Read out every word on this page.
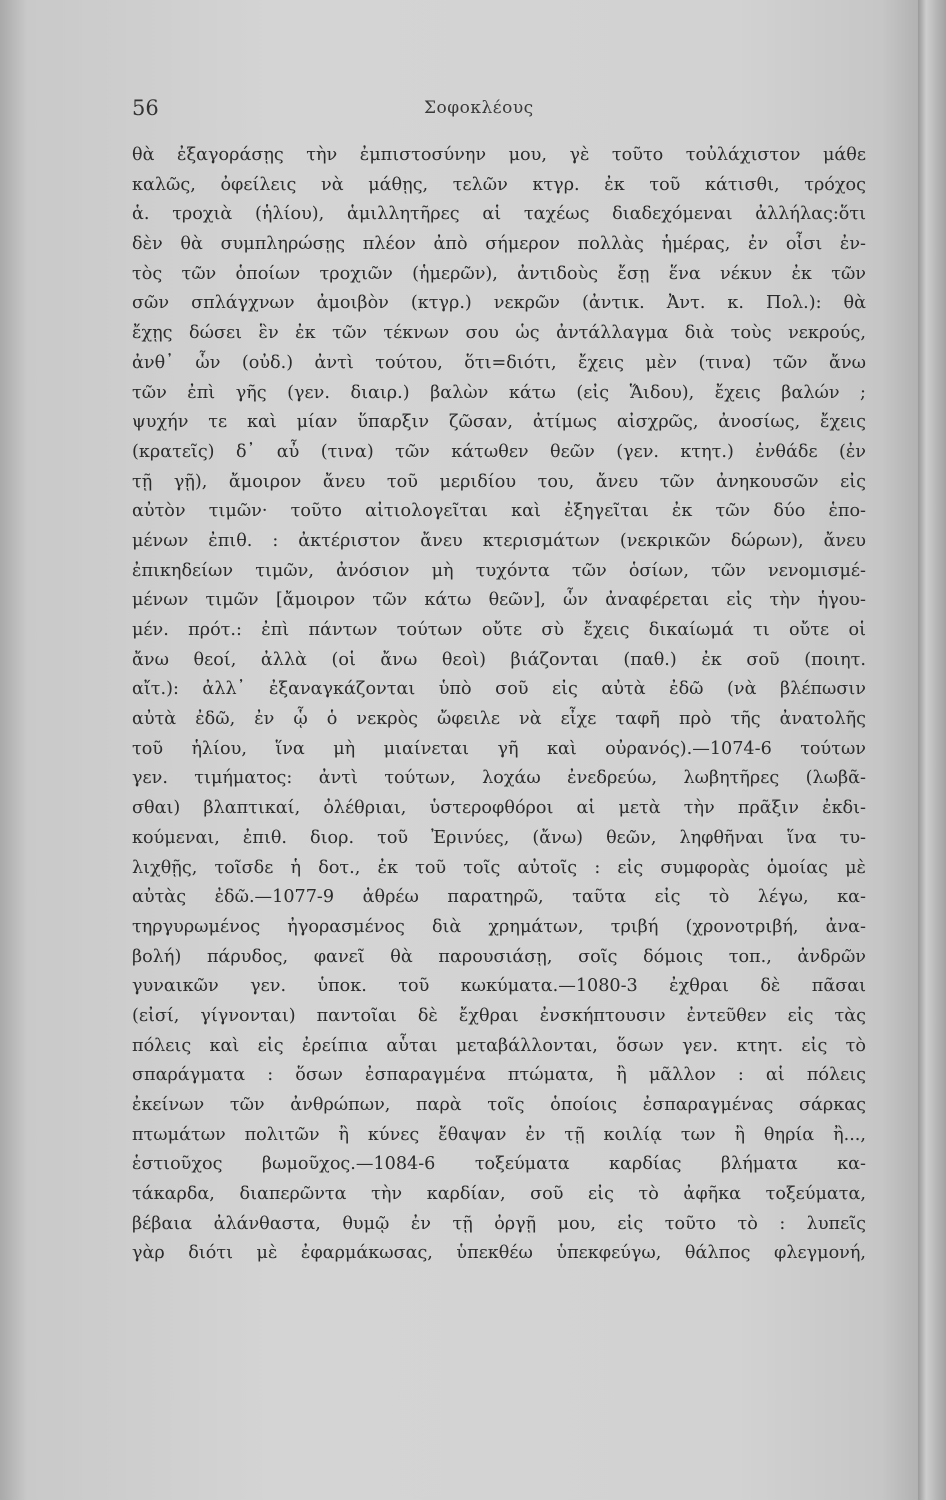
56	Σοφοκλέους
θὰ ἐξαγοράσῃς τὴν ἐμπιστοσύνην μου, γὲ τοῦτο τοὐλάχιστον μάθε
καλῶς, ὀφείλεις νὰ μάθῃς, τελῶν κτγρ. ἐκ τοῦ κάτισθι, τρόχος
ἁ. τροχιὰ (ἡλίου), ἁμιλλητῆρες αἱ ταχέως διαδεχόμεναι ἀλλήλας:ὅτι
δὲν θὰ συμπληρώσῃς πλέον ἀπὸ σήμερον πολλὰς ἡμέρας, ἐν οἷσι ἐν-
τὸς τῶν ὁποίων τροχιῶν (ἡμερῶν), ἀντιδοὺς ἔσῃ ἕνα νέκυν ἐκ τῶν
σῶν σπλάγχνων ἀμοιβὸν (κτγρ.) νεκρῶν (ἀντικ. Ἀντ. κ. Πολ.): θὰ
ἔχῃς δώσει ἓν ἐκ τῶν τέκνων σου ὡς ἀντάλλαγμα διὰ τοὺς νεκρούς,
ἀνθ᾽ ὧν (οὐδ.) ἀντὶ τούτου, ὅτι=διότι, ἔχεις μὲν (τινα) τῶν ἄνω
τῶν ἐπὶ γῆς (γεν. διαιρ.) βαλὼν κάτω (εἰς Ἅιδου), ἔχεις βαλών ;
ψυχήν τε καὶ μίαν ὕπαρξιν ζῶσαν, ἀτίμως αἰσχρῶς, ἀνοσίως, ἔχεις
(κρατεῖς) δ᾽ αὖ (τινα) τῶν κάτωθεν θεῶν (γεν. κτητ.) ἐνθάδε (ἐν
τῇ γῇ), ἄμοιρον ἄνευ τοῦ μεριδίου του, ἄνευ τῶν ἀνηκουσῶν εἰς
αὐτὸν τιμῶν· τοῦτο αἰτιολογεῖται καὶ ἐξηγεῖται ἐκ τῶν δύο ἑπο-
μένων ἐπιθ. : ἀκτέριστον ἄνευ κτερισμάτων (νεκρικῶν δώρων), ἄνευ
ἐπικηδείων τιμῶν, ἀνόσιον μὴ τυχόντα τῶν ὁσίων, τῶν νενομισμέ-
μένων τιμῶν [ἄμοιρον τῶν κάτω θεῶν], ὧν ἀναφέρεται εἰς τὴν ἡγου-
μέν. πρότ.: ἐπὶ πάντων τούτων οὔτε σὺ ἔχεις δικαίωμά τι οὔτε οἱ
ἄνω θεοί, ἀλλὰ (οἱ ἄνω θεοὶ) βιάζονται (παθ.) ἐκ σοῦ (ποιητ.
αἴτ.): ἀλλ᾽ ἐξαναγκάζονται ὑπὸ σοῦ εἰς αὐτὰ ἐδῶ (νὰ βλέπωσιν
αὐτὰ ἐδῶ, ἐν ᾧ ὁ νεκρὸς ὤφειλε νὰ εἶχε ταφῆ πρὸ τῆς ἀνατολῆς
τοῦ ἡλίου, ἵνα μὴ μιαίνεται γῆ καὶ οὐρανός).—1074-6 τούτων
γεν. τιμήματος: ἀντὶ τούτων, λοχάω ἐνεδρεύω, λωβητῆρες (λωβᾶ-
σθαι) βλαπτικαί, ὀλέθριαι, ὑστεροφθόροι αἱ μετὰ τὴν πρᾶξιν ἐκδι-
κούμεναι, ἐπιθ. διορ. τοῦ Ἐρινύες, (ἄνω) θεῶν, ληφθῆναι ἵνα τυ-
λιχθῇς, τοῖσδε ἡ δοτ., ἐκ τοῦ τοῖς αὐτοῖς : εἰς συμφορὰς ὁμοίας μὲ
αὐτὰς ἐδῶ.—1077-9 ἀθρέω παρατηρῶ, ταῦτα εἰς τὸ λέγω, κα-
τηργυρωμένος ἠγορασμένος διὰ χρημάτων, τριβή (χρονοτριβή, ἀνα-
βολή) πάρυδος, φανεῖ θὰ παρουσιάσῃ, σοῖς δόμοις τοπ., ἀνδρῶν
γυναικῶν γεν. ὑποκ. τοῦ κωκύματα.—1080-3 ἐχθραι δὲ πᾶσαι
(εἰσί, γίγνονται) παντοῖαι δὲ ἔχθραι ἐνσκήπτουσιν ἐντεῦθεν εἰς τὰς
πόλεις καὶ εἰς ἐρείπια αὗται μεταβάλλονται, ὅσων γεν. κτητ. εἰς τὸ
σπαράγματα : ὅσων ἐσπαραγμένα πτώματα, ἢ μᾶλλον : αἱ πόλεις
ἐκείνων τῶν ἀνθρώπων, παρὰ τοῖς ὁποίοις ἐσπαραγμένας σάρκας
πτωμάτων πολιτῶν ἢ κύνες ἔθαψαν ἐν τῇ κοιλίᾳ των ἢ θηρία ἢ...,
ἑστιοῦχος βωμοῦχος.—1084-6 τοξεύματα καρδίας βλήματα κα-
τάκαρδα, διαπερῶντα τὴν καρδίαν, σοῦ εἰς τὸ ἀφῆκα τοξεύματα,
βέβαια ἀλάνθαστα, θυμῷ ἐν τῇ ὀργῇ μου, εἰς τοῦτο τὸ : λυπεῖς
γὰρ διότι μὲ ἐφαρμάκωσας, ὑπεκθέω ὑπεκφεύγω, θάλπος φλεγμονή,
